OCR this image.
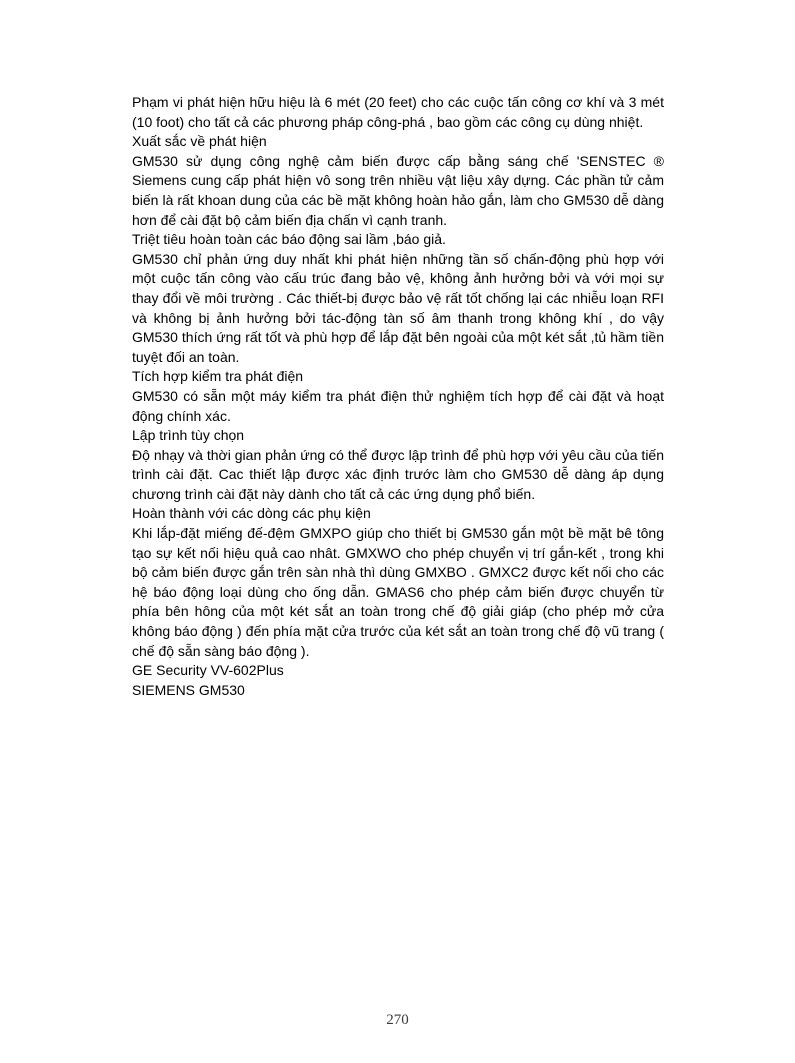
Phạm vi phát hiện hữu hiệu là 6 mét (20 feet) cho các cuộc tấn công cơ khí và 3 mét (10 foot) cho tất cả các phương pháp công-phá , bao gồm các công cụ dùng nhiệt.

Xuất sắc về phát hiện

GM530 sử dụng công nghệ cảm biến được cấp bằng sáng chế 'SENSTEC ® Siemens cung cấp phát hiện vô song trên nhiều vật liệu xây dựng. Các phần tử cảm biến là rất khoan dung của các bề mặt không hoàn hảo gắn, làm cho GM530 dễ dàng hơn để cài đặt bộ cảm biến địa chấn vì cạnh tranh.

Triệt tiêu hoàn toàn các báo động sai lầm ,báo giả.

GM530 chỉ phản ứng duy nhất khi phát hiện những tần số chấn-động phù hợp với một cuộc tấn công vào cấu trúc đang bảo vệ, không ảnh hưởng bởi và với mọi sự thay đổi về môi trường . Các thiết-bị được bảo vệ rất tốt chống lại các nhiễu loạn RFI và không bị ảnh hưởng bởi tác-động tàn số âm thanh trong không khí , do vậy GM530 thích ứng rất tốt và phù hợp để lắp đặt bên ngoài của một két sắt ,tủ hầm tiền tuyệt đối an toàn.

Tích hợp kiểm tra phát điện

GM530 có sẵn một máy kiểm tra phát điện thử nghiệm tích hợp để cài đặt và hoạt động chính xác.

Lập trình tùy chọn

Độ nhạy và thời gian phản ứng có thể được lập trình để phù hợp với yêu cầu của tiến trình cài đặt. Cac thiết lập được xác định trước làm cho GM530 dễ dàng áp dụng chương trình cài đặt này dành cho tất cả các ứng dụng phổ biến.

Hoàn thành với các dòng các phụ kiện

Khi lắp-đặt miếng đế-đệm GMXPO giúp cho thiết bị GM530 gắn một bề mặt bê tông tạo sự kết nối hiệu quả cao nhât. GMXWO cho phép chuyển vị trí gắn-kết , trong khi bộ cảm biến được gắn trên sàn nhà thì dùng GMXBO . GMXC2 được kết nối cho các hệ báo động loại dùng cho ống dẫn. GMAS6 cho phép cảm biến được chuyển từ phía bên hông của một két sắt an toàn trong chế độ giải giáp (cho phép mở cửa không báo động ) đến phía mặt cửa trước của két sắt an toàn trong chế độ vũ trang ( chế độ sẵn sàng báo động ).

GE Security VV-602Plus

SIEMENS GM530

270
